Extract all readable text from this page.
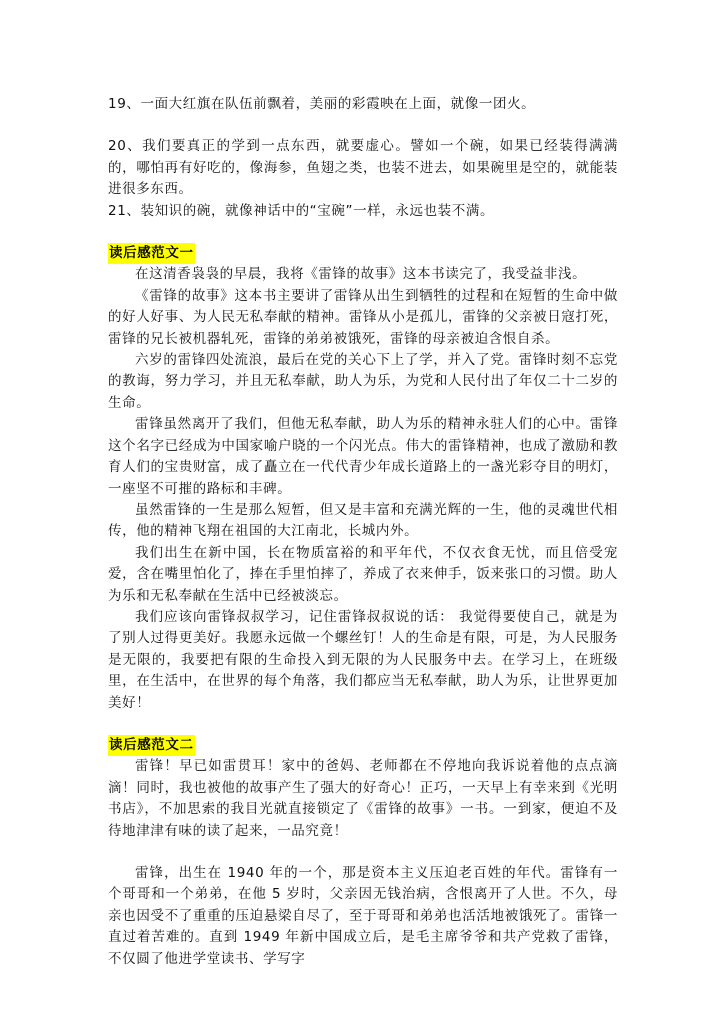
19、一面大红旗在队伍前飘着，美丽的彩霞映在上面，就像一团火。

20、我们要真正的学到一点东西，就要虚心。譬如一个碗，如果已经装得满满的，哪怕再有好吃的，像海参，鱼翅之类，也装不进去，如果碗里是空的，就能装进很多东西。

21、装知识的碗，就像神话中的“宝碗”一样，永远也装不满。

读后感范文一

在这清香袅袅的早晨，我将《雷锋的故事》这本书读完了，我受益非浅。

《雷锋的故事》这本书主要讲了雷锋从出生到牺牲的过程和在短暂的生命中做的好人好事、为人民无私奉献的精神。雷锋从小是孤儿，雷锋的父亲被日寇打死，雷锋的兄长被机器轧死，雷锋的弟弟被饿死，雷锋的母亲被迫含恨自杀。

六岁的雷锋四处流浪，最后在党的关心下上了学，并入了党。雷锋时刻不忘党的教诲，努力学习，并且无私奉献，助人为乐，为党和人民付出了年仅二十二岁的生命。

雷锋虽然离开了我们，但他无私奉献，助人为乐的精神永驻人们的心中。雷锋这个名字已经成为中国家喻户晓的一个闪光点。伟大的雷锋精神，也成了激励和教育人们的宝贵财富，成了矗立在一代代青少年成长道路上的一盏光彩夺目的明灯，一座坚不可摧的路标和丰碑。

虽然雷锋的一生是那么短暂，但又是丰富和充满光辉的一生，他的灵魂世代相传，他的精神飞翔在祖国的大江南北，长城内外。

我们出生在新中国，长在物质富裕的和平年代，不仅衣食无忧，而且倍受宠爱，含在嘴里怕化了，捧在手里怕摔了，养成了衣来伸手，饭来张口的习惯。助人为乐和无私奉献在生活中已经被淡忘。

我们应该向雷锋叔叔学习，记住雷锋叔叔说的话： 我觉得要使自己，就是为了别人过得更美好。我愿永远做一个螺丝钉！人的生命是有限，可是，为人民服务是无限的，我要把有限的生命投入到无限的为人民服务中去。在学习上，在班级里，在生活中，在世界的每个角落，我们都应当无私奉献，助人为乐，让世界更加美好！

读后感范文二

雷锋！早已如雷贯耳！家中的爸妈、老师都在不停地向我诉说着他的点点滴滴！同时，我也被他的故事产生了强大的好奇心！正巧，一天早上有幸来到《光明书店》，不加思索的我目光就直接锁定了《雷锋的故事》一书。一到家，便迫不及待地津津有味的读了起来，一品究竟！

雷锋，出生在 1940 年的一个，那是资本主义压迫老百姓的年代。雷锋有一个哥哥和一个弟弟，在他 5 岁时，父亲因无钱治病，含恨离开了人世。不久，母亲也因受不了重重的压迫悬梁自尽了，至于哥哥和弟弟也活活地被饿死了。雷锋一直过着苦难的。直到 1949 年新中国成立后，是毛主席爷爷和共产党救了雷锋，不仅圆了他进学堂读书、学写字
